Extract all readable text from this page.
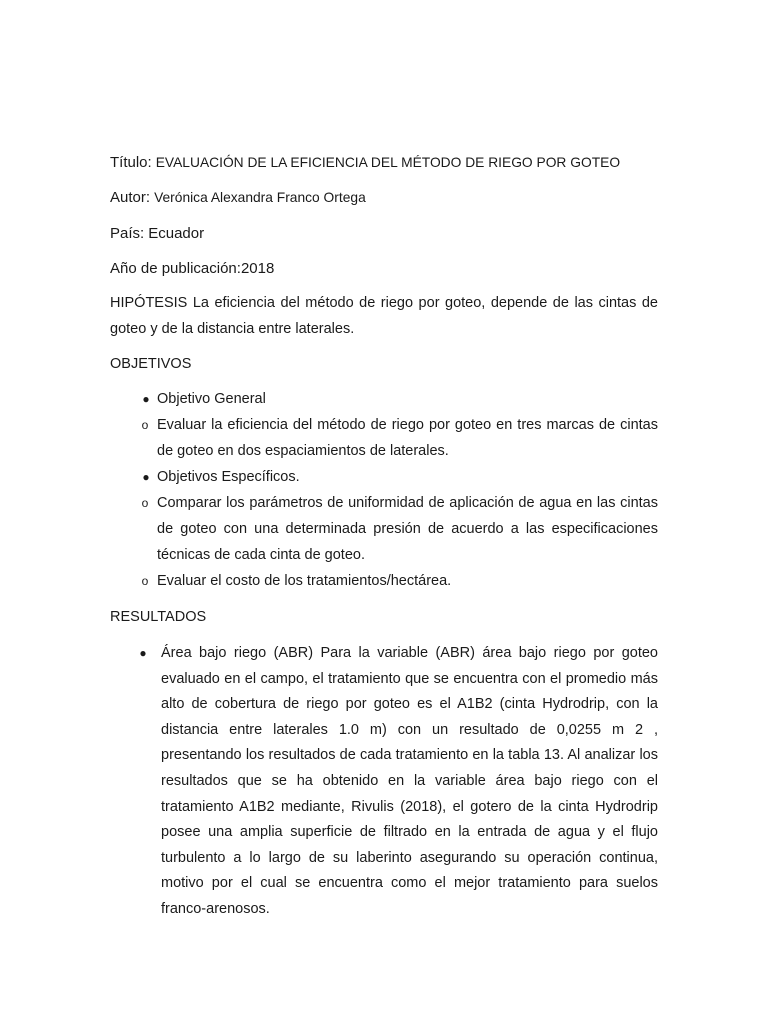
Título: EVALUACIÓN DE LA EFICIENCIA DEL MÉTODO DE RIEGO POR GOTEO
Autor: Verónica Alexandra Franco Ortega
País: Ecuador
Año de publicación:2018

HIPÓTESIS La eficiencia del método de riego por goteo, depende de las cintas de goteo y de la distancia entre laterales.

OBJETIVOS
● Objetivo General
o Evaluar la eficiencia del método de riego por goteo en tres marcas de cintas de goteo en dos espaciamientos de laterales.
● Objetivos Específicos.
o Comparar los parámetros de uniformidad de aplicación de agua en las cintas de goteo con una determinada presión de acuerdo a las especificaciones técnicas de cada cinta de goteo.
o Evaluar el costo de los tratamientos/hectárea.
RESULTADOS
● Área bajo riego (ABR) Para la variable (ABR) área bajo riego por goteo evaluado en el campo, el tratamiento que se encuentra con el promedio más alto de cobertura de riego por goteo es el A1B2 (cinta Hydrodrip, con la distancia entre laterales 1.0 m) con un resultado de 0,0255 m 2 , presentando los resultados de cada tratamiento en la tabla 13. Al analizar los resultados que se ha obtenido en la variable área bajo riego con el tratamiento A1B2 mediante, Rivulis (2018), el gotero de la cinta Hydrodrip posee una amplia superficie de filtrado en la entrada de agua y el flujo turbulento a lo largo de su laberinto asegurando su operación continua, motivo por el cual se encuentra como el mejor tratamiento para suelos franco-arenosos.
